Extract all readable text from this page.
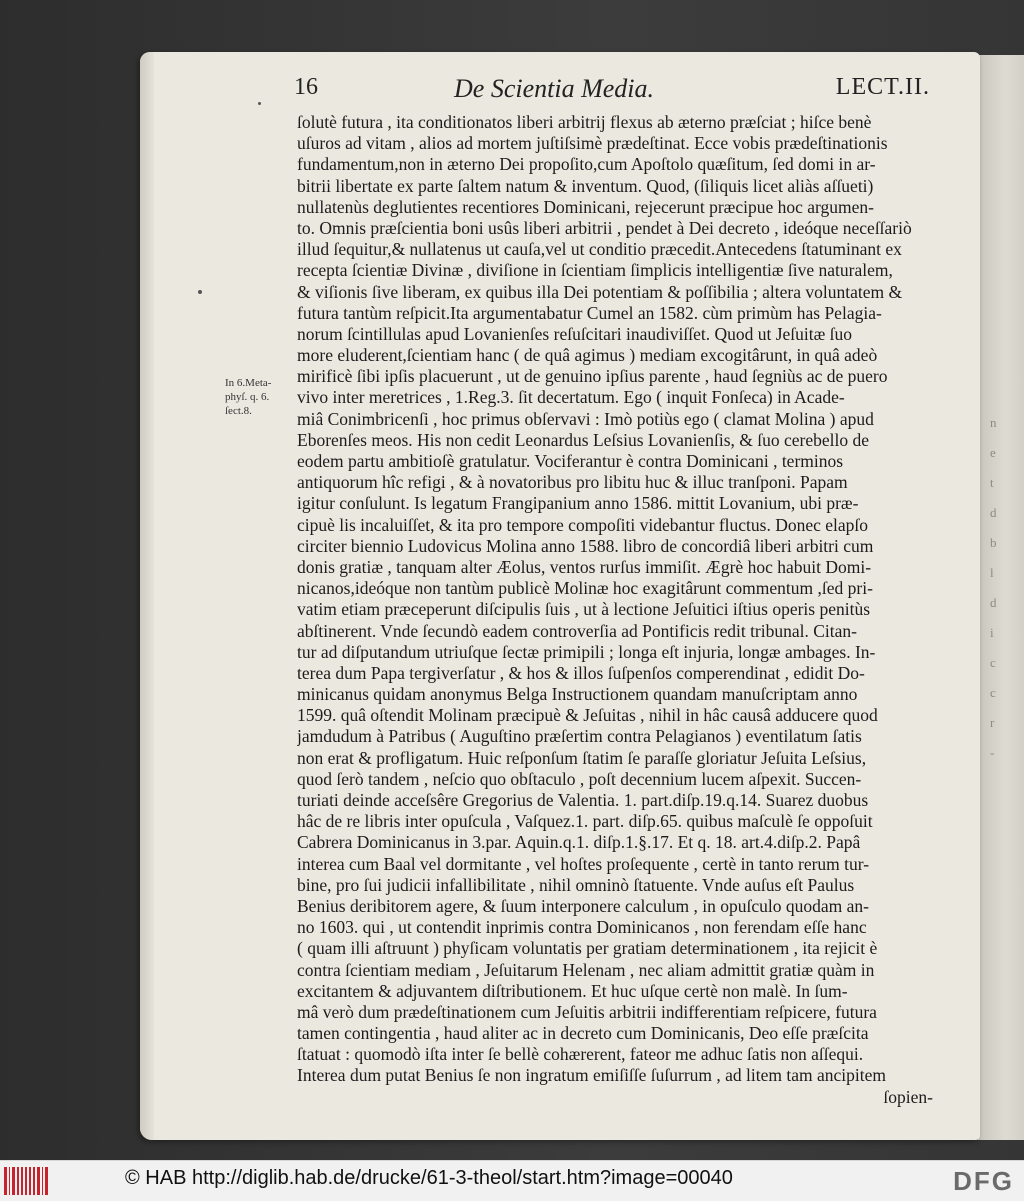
n
e
t
d
b
l
d
i
c
c
r
-
16	De Scientia Media.	LECT.II.
In 6.Meta-
phyſ. q. 6.
ſect.8.
ſolutè futura , ita conditionatos liberi arbitrij flexus ab æterno præſciat ; hiſce benè
uſuros ad vitam , alios ad mortem juſtiſsimè prædeſtinat. Ecce vobis prædeſtinationis
fundamentum,non in æterno Dei propoſito,cum Apoſtolo quæſitum, ſed domi in ar-
bitrii libertate ex parte ſaltem natum & inventum. Quod, (ſiliquis licet aliàs aſſueti)
nullatenùs deglutientes recentiores Dominicani, rejecerunt præcipue hoc argumen-
to. Omnis præſcientia boni usûs liberi arbitrii , pendet à Dei decreto , ideóque neceſſariò
illud ſequitur,& nullatenus ut cauſa,vel ut conditio præcedit.Antecedens ſtatuminant ex
recepta ſcientiæ Divinæ , diviſione in ſcientiam ſimplicis intelligentiæ ſive naturalem,
& viſionis ſive liberam, ex quibus illa Dei potentiam & poſſibilia ; altera voluntatem &
futura tantùm reſpicit.Ita argumentabatur Cumel an 1582. cùm primùm has Pelagia-
norum ſcintillulas apud Lovanienſes reſuſcitari inaudiviſſet. Quod ut Jeſuitæ ſuo
more eluderent,ſcientiam hanc ( de quâ agimus ) mediam excogitârunt, in quâ adeò
mirificè ſibi ipſis placuerunt , ut de genuino ipſius parente , haud ſegniùs ac de puero
vivo inter meretrices , 1.Reg.3. ſit decertatum. Ego ( inquit Fonſeca) in Acade-
miâ Conimbricenſi , hoc primus obſervavi : Imò potiùs ego ( clamat Molina ) apud
Eborenſes meos. His non cedit Leonardus Leſsius Lovanienſis, & ſuo cerebello de
eodem partu ambitioſè gratulatur. Vociferantur è contra Dominicani , terminos
antiquorum hîc refigi , & à novatoribus pro libitu huc & illuc tranſponi. Papam
igitur conſulunt. Is legatum Frangipanium anno 1586. mittit Lovanium, ubi præ-
cipuè lis incaluiſſet, & ita pro tempore compoſiti videbantur fluctus. Donec elapſo
circiter biennio Ludovicus Molina anno 1588. libro de concordiâ liberi arbitri cum
donis gratiæ , tanquam alter Æolus, ventos rurſus immiſit. Ægrè hoc habuit Domi-
nicanos,ideóque non tantùm publicè Molinæ hoc exagitârunt commentum ,ſed pri-
vatim etiam præceperunt diſcipulis ſuis , ut à lectione Jeſuitici iſtius operis penitùs
abſtinerent. Vnde ſecundò eadem controverſia ad Pontificis redit tribunal. Citan-
tur ad diſputandum utriuſque ſectæ primipili ; longa eſt injuria, longæ ambages. In-
terea dum Papa tergiverſatur , & hos & illos ſuſpenſos comperendinat , edidit Do-
minicanus quidam anonymus Belga Instructionem quandam manuſcriptam anno
1599. quâ oſtendit Molinam præcipuè & Jeſuitas , nihil in hâc causâ adducere quod
jamdudum à Patribus ( Auguſtino præſertim contra Pelagianos ) eventilatum ſatis
non erat & profligatum. Huic reſponſum ſtatim ſe paraſſe gloriatur Jeſuita Leſsius,
quod ſerò tandem , neſcio quo obſtaculo , poſt decennium lucem aſpexit. Succen-
turiati deinde acceſsêre Gregorius de Valentia. 1. part.diſp.19.q.14. Suarez duobus
hâc de re libris inter opuſcula , Vaſquez.1. part. diſp.65. quibus maſculè ſe oppoſuit
Cabrera Dominicanus in 3.par. Aquin.q.1. diſp.1.§.17. Et q. 18. art.4.diſp.2. Papâ
interea cum Baal vel dormitante , vel hoſtes proſequente , certè in tanto rerum tur-
bine, pro ſui judicii infallibilitate , nihil omninò ſtatuente. Vnde auſus eſt Paulus
Benius deribitorem agere, & ſuum interponere calculum , in opuſculo quodam an-
no 1603. qui , ut contendit inprimis contra Dominicanos , non ferendam eſſe hanc
( quam illi aſtruunt ) phyſicam voluntatis per gratiam determinationem , ita rejicit è
contra ſcientiam mediam , Jeſuitarum Helenam , nec aliam admittit gratiæ quàm in
excitantem & adjuvantem diſtributionem. Et huc uſque certè non malè. In ſum-
mâ verò dum prædeſtinationem cum Jeſuitis arbitrii indifferentiam reſpicere, futura
tamen contingentia , haud aliter ac in decreto cum Dominicanis, Deo eſſe præſcita
ſtatuat : quomodò iſta inter ſe bellè cohærerent, fateor me adhuc ſatis non aſſequi.
Interea dum putat Benius ſe non ingratum emiſiſſe ſuſurrum , ad litem tam ancipitem
ſopien-
© HAB http://diglib.hab.de/drucke/61-3-theol/start.htm?image=00040	DFG
